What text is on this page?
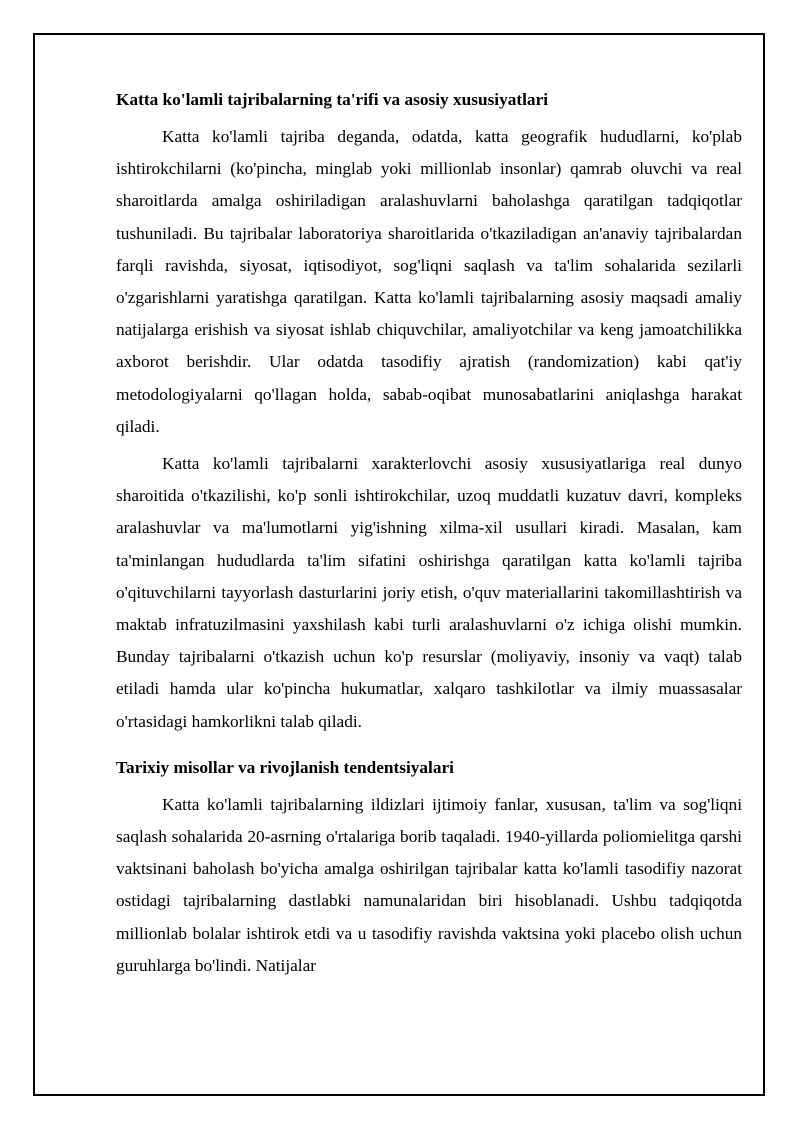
Katta ko'lamli tajribalarning ta'rifi va asosiy xususiyatlari

Katta ko'lamli tajriba deganda, odatda, katta geografik hududlarni, ko'plab ishtirokchilarni (ko'pincha, minglab yoki millionlab insonlar) qamrab oluvchi va real sharoitlarda amalga oshiriladigan aralashuvlarni baholashga qaratilgan tadqiqotlar tushuniladi. Bu tajribalar laboratoriya sharoitlarida o'tkaziladigan an'anaviy tajribalardan farqli ravishda, siyosat, iqtisodiyot, sog'liqni saqlash va ta'lim sohalarida sezilarli o'zgarishlarni yaratishga qaratilgan. Katta ko'lamli tajribalarning asosiy maqsadi amaliy natijalarga erishish va siyosat ishlab chiquvchilar, amaliyotchilar va keng jamoatchilikka axborot berishdir. Ular odatda tasodifiy ajratish (randomization) kabi qat'iy metodologiyalarni qo'llagan holda, sabab-oqibat munosabatlarini aniqlashga harakat qiladi.

Katta ko'lamli tajribalarni xarakterlovchi asosiy xususiyatlariga real dunyo sharoitida o'tkazilishi, ko'p sonli ishtirokchilar, uzoq muddatli kuzatuv davri, kompleks aralashuvlar va ma'lumotlarni yig'ishning xilma-xil usullari kiradi. Masalan, kam ta'minlangan hududlarda ta'lim sifatini oshirishga qaratilgan katta ko'lamli tajriba o'qituvchilarni tayyorlash dasturlarini joriy etish, o'quv materiallarini takomillashtirish va maktab infratuzilmasini yaxshilash kabi turli aralashuvlarni o'z ichiga olishi mumkin. Bunday tajribalarni o'tkazish uchun ko'p resurslar (moliyaviy, insoniy va vaqt) talab etiladi hamda ular ko'pincha hukumatlar, xalqaro tashkilotlar va ilmiy muassasalar o'rtasidagi hamkorlikni talab qiladi.

Tarixiy misollar va rivojlanish tendentsiyalari

Katta ko'lamli tajribalarning ildizlari ijtimoiy fanlar, xususan, ta'lim va sog'liqni saqlash sohalarida 20-asrning o'rtalariga borib taqaladi. 1940-yillarda poliomielitga qarshi vaktsinani baholash bo'yicha amalga oshirilgan tajribalar katta ko'lamli tasodifiy nazorat ostidagi tajribalarning dastlabki namunalaridan biri hisoblanadi. Ushbu tadqiqotda millionlab bolalar ishtirok etdi va u tasodifiy ravishda vaktsina yoki placebo olish uchun guruhlarga bo'lindi. Natijalar
